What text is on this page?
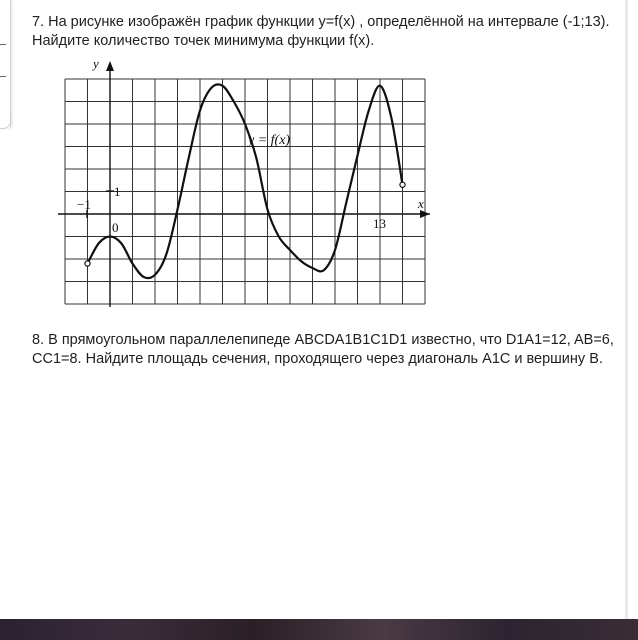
7. На рисунке изображён график функции y=f(x) , определённой на интервале (-1;13). Найдите количество точек минимума функции f(x).
y
x
y = f(x)
−1
1
0	13
8. В прямоугольном параллелепипеде ABCDA1B1C1D1 известно, что D1A1=12, AB=6, CC1=8. Найдите площадь сечения, проходящего через диагональ A1C и вершину B.
